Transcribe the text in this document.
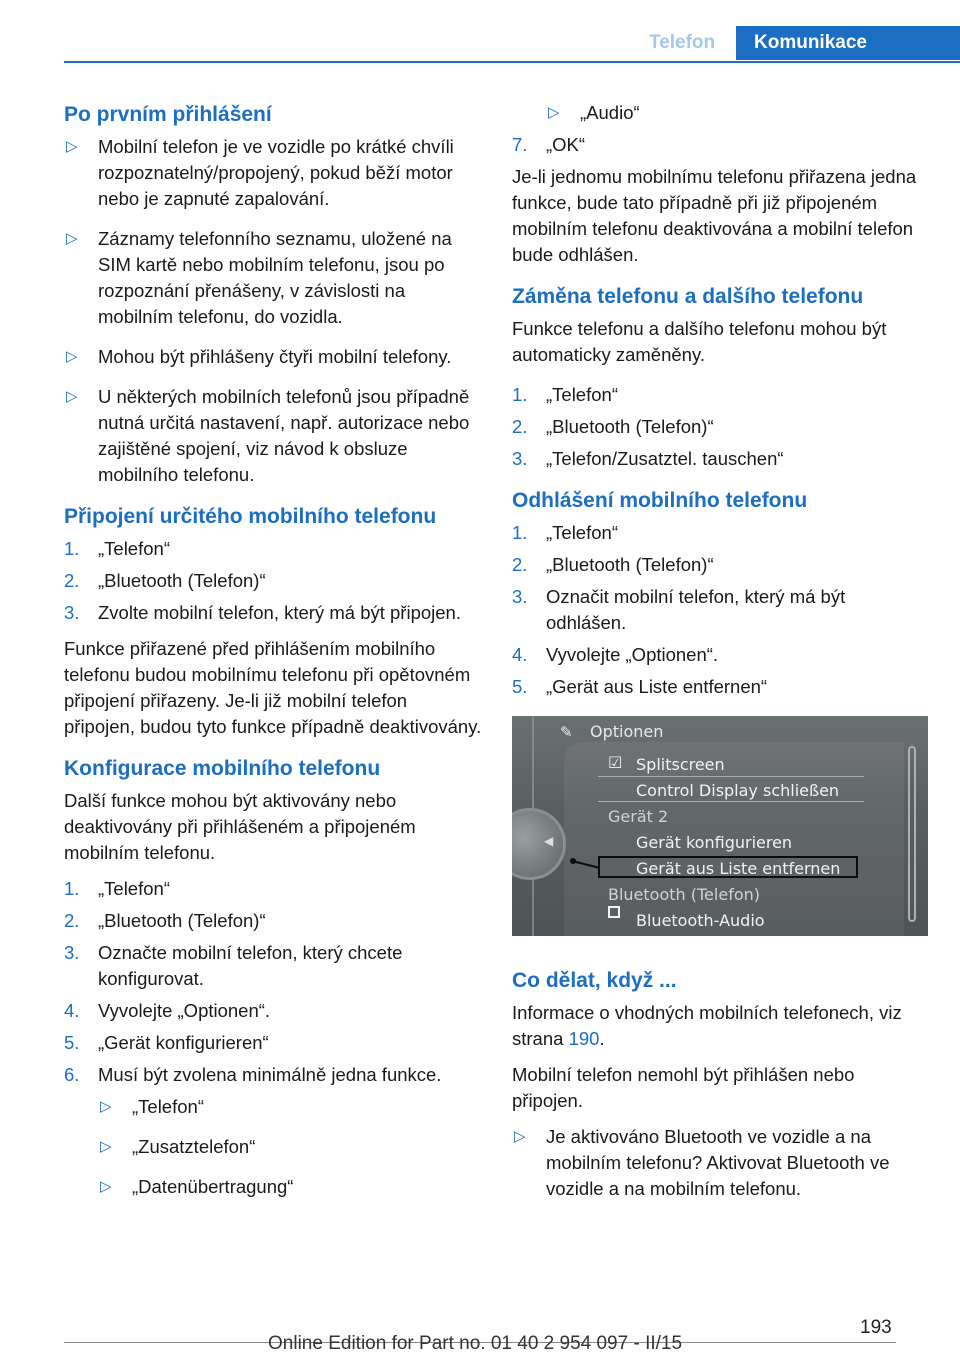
Telefon	Komunikace
Po prvním přihlášení
▷ Mobilní telefon je ve vozidle po krátké chvíli rozpoznatelný/propojený, pokud běží motor nebo je zapnuté zapalování.
▷ Záznamy telefonního seznamu, uložené na SIM kartě nebo mobilním telefonu, jsou po rozpoznání přenášeny, v závislosti na mobilním telefonu, do vozidla.
▷ Mohou být přihlášeny čtyři mobilní telefony.
▷ U některých mobilních telefonů jsou případně nutná určitá nastavení, např. autorizace nebo zajištěné spojení, viz návod k obsluze mobilního telefonu.
Připojení určitého mobilního telefonu
1. „Telefon“
2. „Bluetooth (Telefon)“
3. Zvolte mobilní telefon, který má být připojen.

Funkce přiřazené před přihlášením mobilního telefonu budou mobilnímu telefonu při opětovném připojení přiřazeny. Je-li již mobilní telefon připojen, budou tyto funkce případně deaktivovány.

Konfigurace mobilního telefonu

Další funkce mohou být aktivovány nebo deaktivovány při přihlášeném a připojeném mobilním telefonu.

1. „Telefon“
2. „Bluetooth (Telefon)“
3. Označte mobilní telefon, který chcete konfigurovat.
4. Vyvolejte „Optionen“.
5. „Gerät konfigurieren“
6. Musí být zvolena minimálně jedna funkce.
▷ „Telefon“
▷ „Zusatztelefon“
▷ „Datenübertragung“
▷ „Audio“
7. „OK“

Je-li jednomu mobilnímu telefonu přiřazena jedna funkce, bude tato případně při již připojeném mobilním telefonu deaktivována a mobilní telefon bude odhlášen.

Záměna telefonu a dalšího telefonu

Funkce telefonu a dalšího telefonu mohou být automaticky zaměněny.

1. „Telefon“
2. „Bluetooth (Telefon)“
3. „Telefon/Zusatztel. tauschen“
Odhlášení mobilního telefonu
1. „Telefon“
2. „Bluetooth (Telefon)“
3. Označit mobilní telefon, který má být odhlášen.
4. Vyvolejte „Optionen“.
5. „Gerät aus Liste entfernen“
✎ Optionen
☑ Splitscreen
Control Display schließen
Gerät 2
Gerät konfigurieren
Gerät aus Liste entfernen
Bluetooth (Telefon)
Bluetooth-Audio
◀
Co dělat, když ...

Informace o vhodných mobilních telefonech, viz strana 190.

Mobilní telefon nemohl být přihlášen nebo připojen.

▷ Je aktivováno Bluetooth ve vozidle a na mobilním telefonu? Aktivovat Bluetooth ve vozidle a na mobilním telefonu.
193
Online Edition for Part no. 01 40 2 954 097 - II/15
